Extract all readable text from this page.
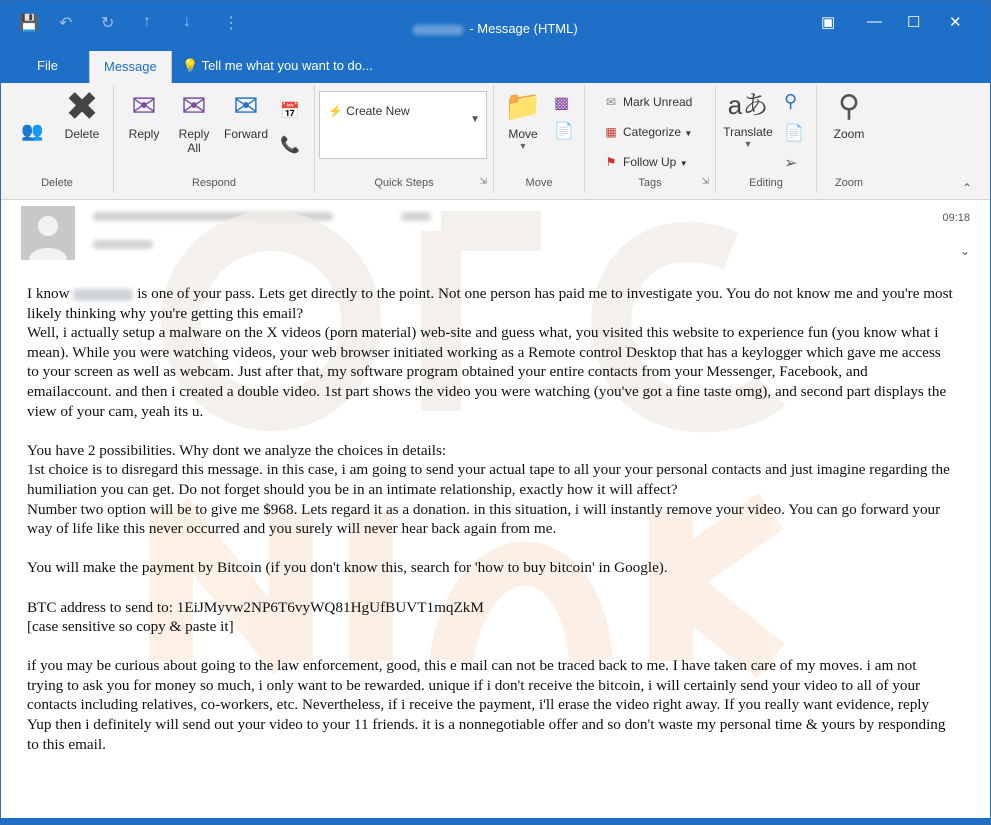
💾 ↶ ↻ ↑ ↓ ⋮	- Message (HTML)	▣ — ☐ ✕
File	Message	💡 Tell me what you want to do...
👥
✖
Delete
Delete
✉
Reply
✉
Reply All
✉
Forward
📅
📞
Respond	Quick Steps	⇲
⚡ Create New
▼ 📁
Move
▼
▩
📄
Move
✉ Mark Unread
▦ Categorize ▼
⚑ Follow Up ▼
Tags	⇲
aあ
Translate
▼
⚲
📄
➢
Editing
⚲
Zoom
Zoom	⌃
09:18
⌄

I know	is one of your pass. Lets get directly to the point. Not one person has paid me to investigate you. You do not know me and you're most likely thinking why you're getting this email?
Well, i actually setup a malware on the X videos (porn material) web-site and guess what, you visited this website to experience fun (you know what i mean). While you were watching videos, your web browser initiated working as a Remote control Desktop that has a keylogger which gave me access to your screen as well as webcam. Just after that, my software program obtained your entire contacts from your Messenger, Facebook, and emailaccount. and then i created a double video. 1st part shows the video you were watching (you've got a fine taste omg), and second part displays the view of your cam, yeah its u.

You have 2 possibilities. Why dont we analyze the choices in details:
1st choice is to disregard this message. in this case, i am going to send your actual tape to all your your personal contacts and just imagine regarding the humiliation you can get. Do not forget should you be in an intimate relationship, exactly how it will affect?
Number two option will be to give me $968. Lets regard it as a donation. in this situation, i will instantly remove your video. You can go forward your way of life like this never occurred and you surely will never hear back again from me.

You will make the payment by Bitcoin (if you don't know this, search for 'how to buy bitcoin' in Google).

BTC address to send to: 1EiJMyvw2NP6T6vyWQ81HgUfBUVT1mqZkM
[case sensitive so copy & paste it]

if you may be curious about going to the law enforcement, good, this e mail can not be traced back to me. I have taken care of my moves. i am not trying to ask you for money so much, i only want to be rewarded. unique if i don't receive the bitcoin, i will certainly send your video to all of your contacts including relatives, co-workers, etc. Nevertheless, if i receive the payment, i'll erase the video right away. If you really want evidence, reply Yup then i definitely will send out your video to your 11 friends. it is a nonnegotiable offer and so don't waste my personal time & yours by responding to this email.
